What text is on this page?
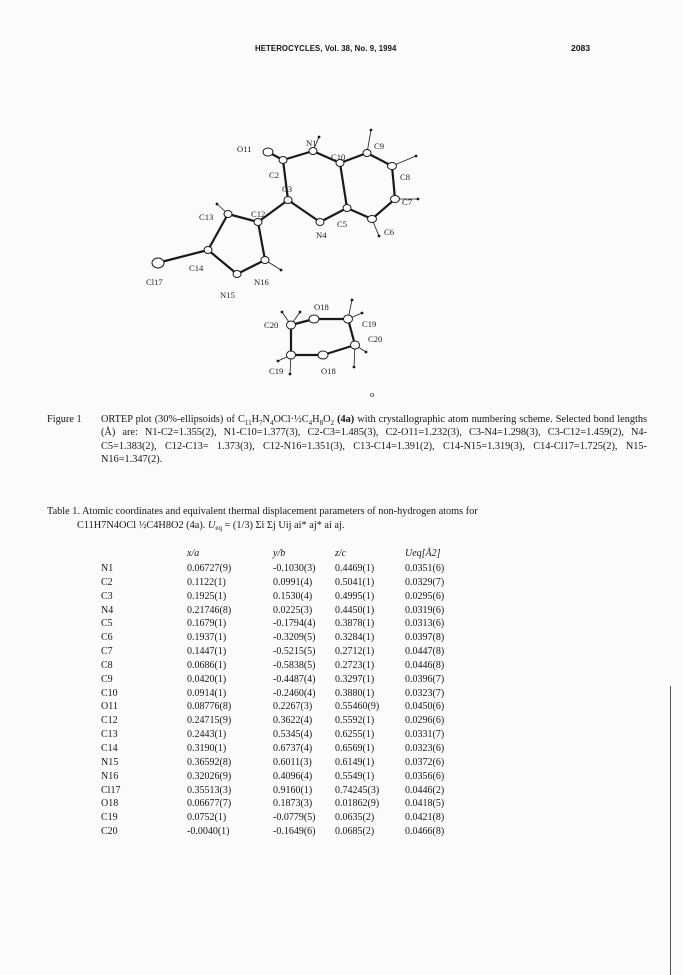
HETEROCYCLES, Vol. 38, No. 9, 1994	2083
O11
N1
C10
C9
C2	C8
C3
C12
C13
C7
C5
C6
N4
C14
Cl17	N16
N15
O18
C20	C19
C20
C19	O18
o
Figure 1 ORTEP plot (30%-ellipsoids) of $C_{11}H_7N_4OCl\cdot\frac{1}{2}C_4H_8O_2$ (4a) with crystallographic atom numbering scheme. Selected bond lengths (Å) are: N1-C2=1.355(2), N1-C10=1.377(3), C2-C3=1.485(3), C2-O11=1.232(3), C3-N4=1.298(3), C3-C12=1.459(2), N4-C5=1.383(2), C12-C13= 1.373(3), C12-N16=1.351(3), C13-C14=1.391(2), C14-N15=1.319(3), C14-Cl17=1.725(2), N15-N16=1.347(2).
Table 1. Atomic coordinates and equivalent thermal displacement parameters of non-hydrogen atoms for
C11H7N4OCl ½C4H8O2 (4a). Ueq = (1/3) Σi Σj Uij ai* aj* ai aj.
	x/a	y/b	z/c	Ueq[Å2]
N1	0.06727(9)	-0.1030(3)	0.4469(1)	0.0351(6)
C2	0.1122(1)	0.0991(4)	0.5041(1)	0.0329(7)
C3	0.1925(1)	0.1530(4)	0.4995(1)	0.0295(6)
N4	0.21746(8)	0.0225(3)	0.4450(1)	0.0319(6)
C5	0.1679(1)	-0.1794(4)	0.3878(1)	0.0313(6)
C6	0.1937(1)	-0.3209(5)	0.3284(1)	0.0397(8)
C7	0.1447(1)	-0.5215(5)	0.2712(1)	0.0447(8)
C8	0.0686(1)	-0.5838(5)	0.2723(1)	0.0446(8)
C9	0.0420(1)	-0.4487(4)	0.3297(1)	0.0396(7)
C10	0.0914(1)	-0.2460(4)	0.3880(1)	0.0323(7)
O11	0.08776(8)	0.2267(3)	0.55460(9)	0.0450(6)
C12	0.24715(9)	0.3622(4)	0.5592(1)	0.0296(6)
C13	0.2443(1)	0.5345(4)	0.6255(1)	0.0331(7)
C14	0.3190(1)	0.6737(4)	0.6569(1)	0.0323(6)
N15	0.36592(8)	0.6011(3)	0.6149(1)	0.0372(6)
N16	0.32026(9)	0.4096(4)	0.5549(1)	0.0356(6)
Cl17	0.35513(3)	0.9160(1)	0.74245(3)	0.0446(2)
O18	0.06677(7)	0.1873(3)	0.01862(9)	0.0418(5)
C19	0.0752(1)	-0.0779(5)	0.0635(2)	0.0421(8)
C20	-0.0040(1)	-0.1649(6)	0.0685(2)	0.0466(8)
